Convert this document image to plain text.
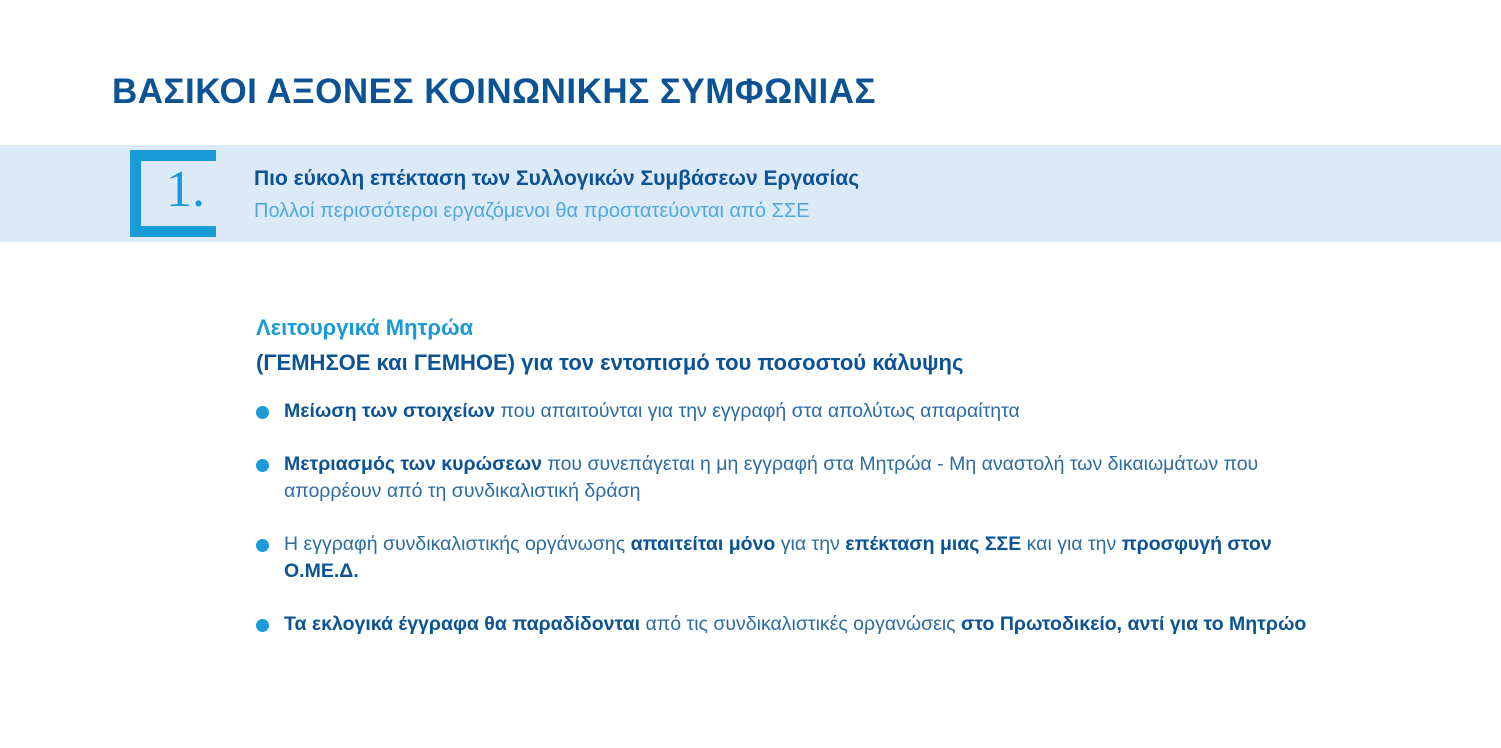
ΒΑΣΙΚΟΙ ΑΞΟΝΕΣ ΚΟΙΝΩΝΙΚΗΣ ΣΥΜΦΩΝΙΑΣ
1. Πιο εύκολη επέκταση των Συλλογικών Συμβάσεων Εργασίας
Πολλοί περισσότεροι εργαζόμενοι θα προστατεύονται από ΣΣΕ
Λειτουργικά Μητρώα
(ΓΕΜΗΣΟΕ και ΓΕΜΗΟΕ) για τον εντοπισμό του ποσοστού κάλυψης
Μείωση των στοιχείων που απαιτούνται για την εγγραφή στα απολύτως απαραίτητα
Μετριασμός των κυρώσεων που συνεπάγεται η μη εγγραφή στα Μητρώα - Μη αναστολή των δικαιωμάτων που απορρέουν από τη συνδικαλιστική δράση
Η εγγραφή συνδικαλιστικής οργάνωσης απαιτείται μόνο για την επέκταση μιας ΣΣΕ και για την προσφυγή στον Ο.ΜΕ.Δ.
Τα εκλογικά έγγραφα θα παραδίδονται από τις συνδικαλιστικές οργανώσεις στο Πρωτοδικείο, αντί για το Μητρώο
